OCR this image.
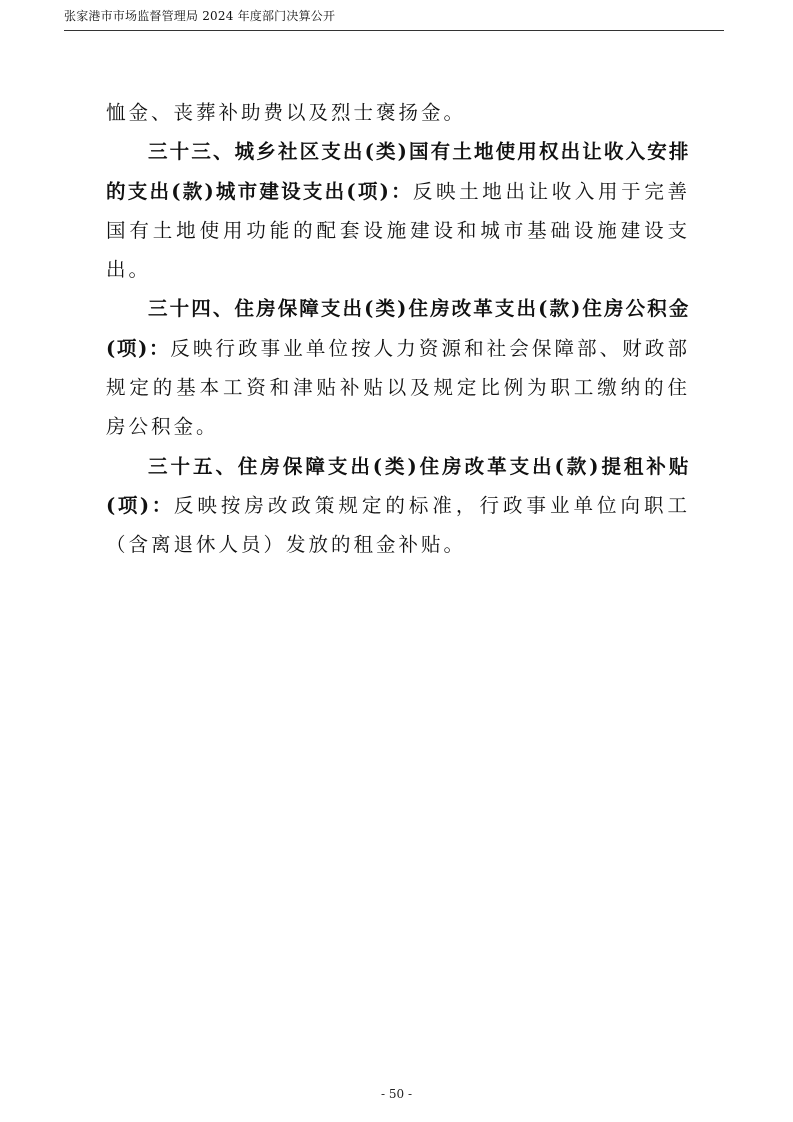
张家港市市场监督管理局 2024 年度部门决算公开

恤金、丧葬补助费以及烈士褒扬金。

三十三、城乡社区支出(类)国有土地使用权出让收入安排的支出(款)城市建设支出(项)：反映土地出让收入用于完善国有土地使用功能的配套设施建设和城市基础设施建设支出。

三十四、住房保障支出(类)住房改革支出(款)住房公积金(项)：反映行政事业单位按人力资源和社会保障部、财政部规定的基本工资和津贴补贴以及规定比例为职工缴纳的住房公积金。

三十五、住房保障支出(类)住房改革支出(款)提租补贴(项)：反映按房改政策规定的标准，行政事业单位向职工（含离退休人员）发放的租金补贴。

- 50 -
